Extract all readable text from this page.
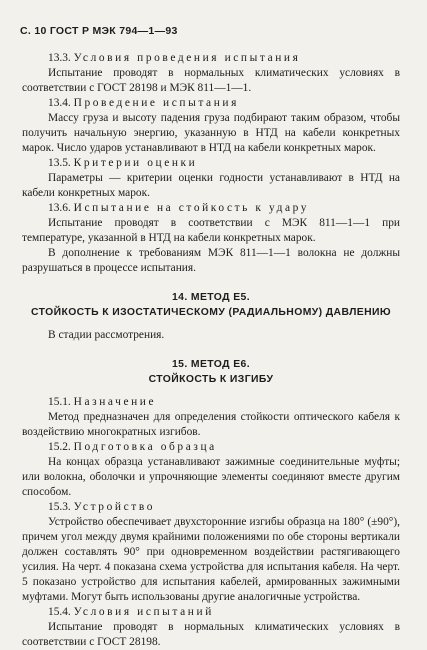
С. 10 ГОСТ Р МЭК 794—1—93

13.3. Условия проведения испытания

Испытание проводят в нормальных климатических условиях в соответствии с ГОСТ 28198 и МЭК 811—1—1.

13.4. Проведение испытания

Массу груза и высоту падения груза подбирают таким образом, чтобы получить начальную энергию, указанную в НТД на кабели конкретных марок. Число ударов устанавливают в НТД на кабели конкретных марок.

13.5. Критерии оценки

Параметры — критерии оценки годности устанавливают в НТД на кабели конкретных марок.

13.6. Испытание на стойкость к удару

Испытание проводят в соответствии с МЭК 811—1—1 при температуре, указанной в НТД на кабели конкретных марок.

В дополнение к требованиям МЭК 811—1—1 волокна не должны разрушаться в процессе испытания.

14. МЕТОД Е5.

СТОЙКОСТЬ К ИЗОСТАТИЧЕСКОМУ (РАДИАЛЬНОМУ) ДАВЛЕНИЮ

В стадии рассмотрения.

15. МЕТОД Е6.

СТОЙКОСТЬ К ИЗГИБУ

15.1. Назначение

Метод предназначен для определения стойкости оптического кабеля к воздействию многократных изгибов.

15.2. Подготовка образца

На концах образца устанавливают зажимные соединительные муфты; или волокна, оболочки и упрочняющие элементы соединяют вместе другим способом.

15.3. Устройство

Устройство обеспечивает двухсторонние изгибы образца на 180° (±90°), причем угол между двумя крайними положениями по обе стороны вертикали должен составлять 90° при одновременном воздействии растягивающего усилия. На черт. 4 показана схема устройства для испытания кабеля. На черт. 5 показано устройство для испытания кабелей, армированных зажимными муфтами. Могут быть использованы другие аналогичные устройства.

15.4. Условия испытаний

Испытание проводят в нормальных климатических условиях в соответствии с ГОСТ 28198.
